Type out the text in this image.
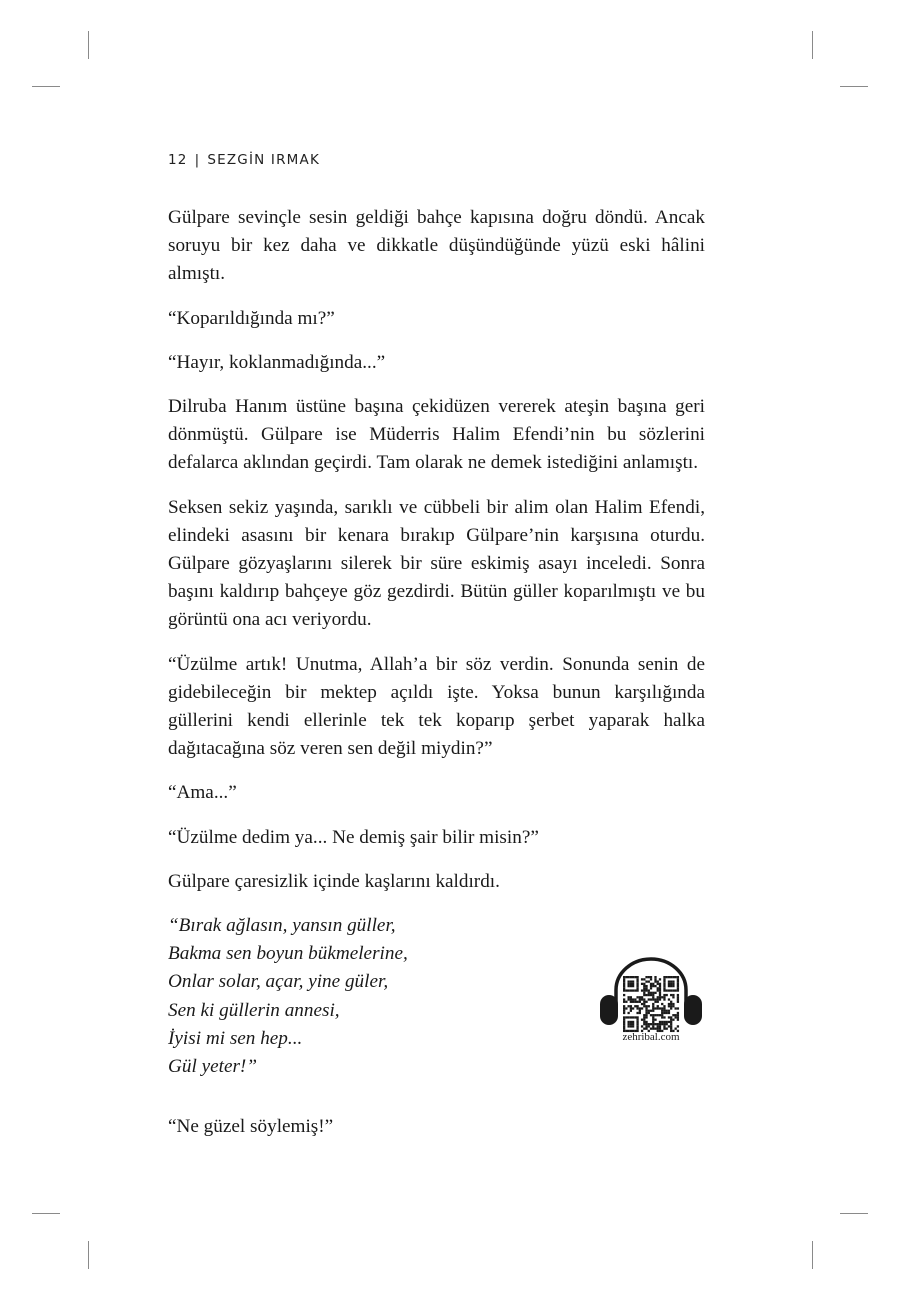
12 | SEZGİN IRMAK

Gülpare sevinçle sesin geldiği bahçe kapısına doğru döndü. Ancak soruyu bir kez daha ve dikkatle düşündüğünde yüzü eski hâlini almıştı.

“Koparıldığında mı?”

“Hayır, koklanmadığında...”

Dilruba Hanım üstüne başına çekidüzen vererek ateşin başına geri dönmüştü. Gülpare ise Müderris Halim Efendi’nin bu sözlerini defalarca aklından geçirdi. Tam olarak ne demek istediğini anlamıştı.

Seksen sekiz yaşında, sarıklı ve cübbeli bir alim olan Halim Efendi, elindeki asasını bir kenara bırakıp Gülpare’nin karşısına oturdu. Gülpare gözyaşlarını silerek bir süre eskimiş asayı inceledi. Sonra başını kaldırıp bahçeye göz gezdirdi. Bütün güller koparılmıştı ve bu görüntü ona acı veriyordu.

“Üzülme artık! Unutma, Allah’a bir söz verdin. Sonunda senin de gidebileceğin bir mektep açıldı işte. Yoksa bunun karşılığında güllerini kendi ellerinle tek tek koparıp şerbet yaparak halka dağıtacağına söz veren sen değil miydin?”

“Ama...”

“Üzülme dedim ya... Ne demiş şair bilir misin?”

Gülpare çaresizlik içinde kaşlarını kaldırdı.

“Bırak ağlasın, yansın güller,
Bakma sen boyun bükmelerine,
Onlar solar, açar, yine güler,
Sen ki güllerin annesi,
İyisi mi sen hep...
Gül yeter!”

“Ne güzel söylemiş!”

zehribal.com
